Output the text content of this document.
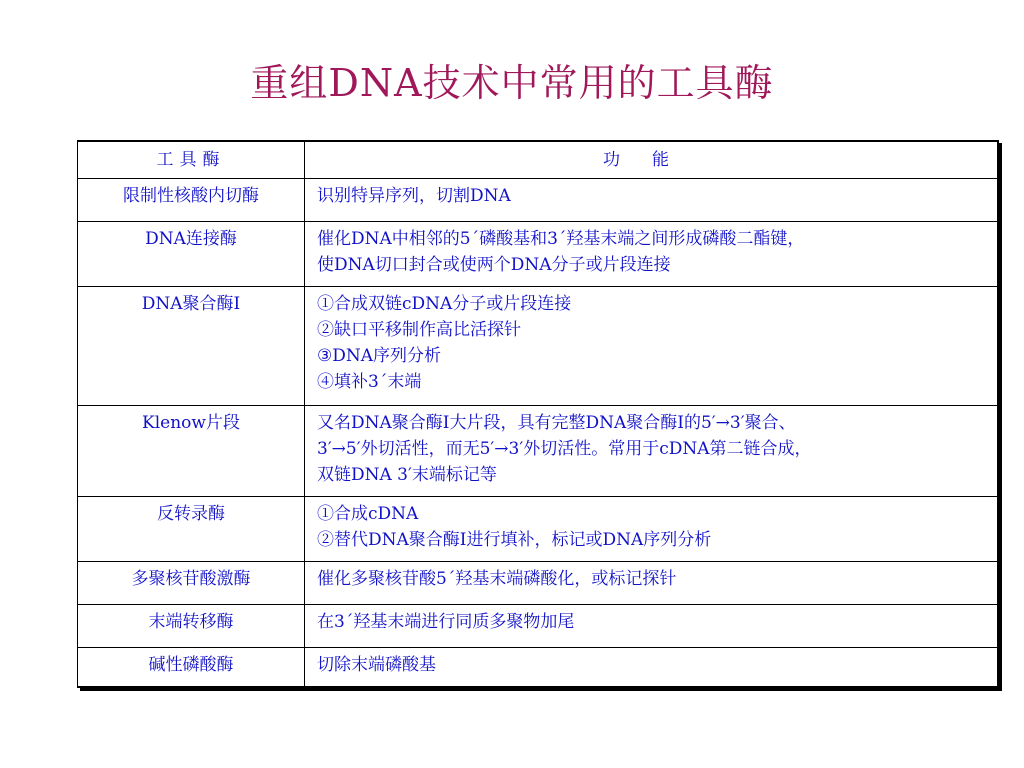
重组DNA技术中常用的工具酶
工具酶	功能
限制性核酸内切酶	识别特异序列，切割DNA

DNA连接酶	催化DNA中相邻的5´磷酸基和3´羟基末端之间形成磷酸二酯键，
使DNA切口封合或使两个DNA分子或片段连接

DNA聚合酶Ⅰ	①合成双链cDNA分子或片段连接
②缺口平移制作高比活探针
③DNA序列分析
④填补3´末端

Klenow片段	又名DNA聚合酶I大片段，具有完整DNA聚合酶I的5′→3′聚合、
3′→5′外切活性，而无5′→3′外切活性。常用于cDNA第二链合成，
双链DNA 3′末端标记等

反转录酶	①合成cDNA
②替代DNA聚合酶I进行填补，标记或DNA序列分析

多聚核苷酸激酶	催化多聚核苷酸5´羟基末端磷酸化，或标记探针

末端转移酶	在3´羟基末端进行同质多聚物加尾

碱性磷酸酶	切除末端磷酸基
